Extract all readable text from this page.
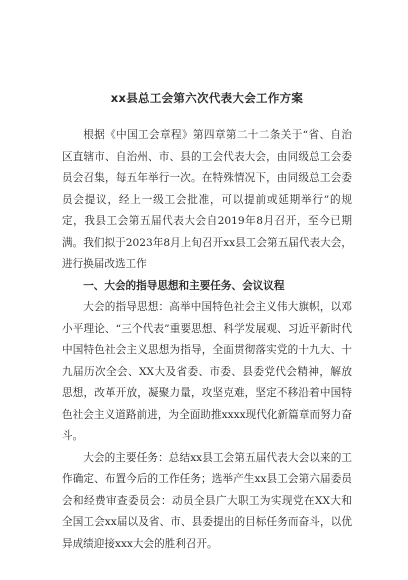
xx县总工会第六次代表大会工作方案

根据《中国工会章程》第四章第二十二条关于“省、自治区直辖市、自治州、市、县的工会代表大会，由同级总工会委员会召集，每五年举行一次。在特殊情况下，由同级总工会委员会提议，经上一级工会批准，可以提前或延期举行”的规定，我县工会第五届代表大会自2019年8月召开，至今已期满。我们拟于2023年8月上旬召开xx县工会第五届代表大会，进行换届改选工作

一、大会的指导思想和主要任务、会议议程

大会的指导思想：高举中国特色社会主义伟大旗帜，以邓小平理论、“三个代表”重要思想、科学发展观、习近平新时代中国特色社会主义思想为指导，全面贯彻落实党的十九大、十九届历次全会、XX大及省委、市委、县委党代会精神，解放思想，改革开放，凝聚力量，攻坚克难，坚定不移沿着中国特色社会主义道路前进，为全面助推xxxx现代化新篇章而努力奋斗。

大会的主要任务：总结xx县工会第五届代表大会以来的工作确定、布置今后的工作任务；选举产生xx县工会第六届委员会和经费审查委员会：动员全县广大职工为实现党在XX大和全国工会xx届以及省、市、县委提出的目标任务而奋斗，以优异成绩迎接xxx大会的胜利召开。
